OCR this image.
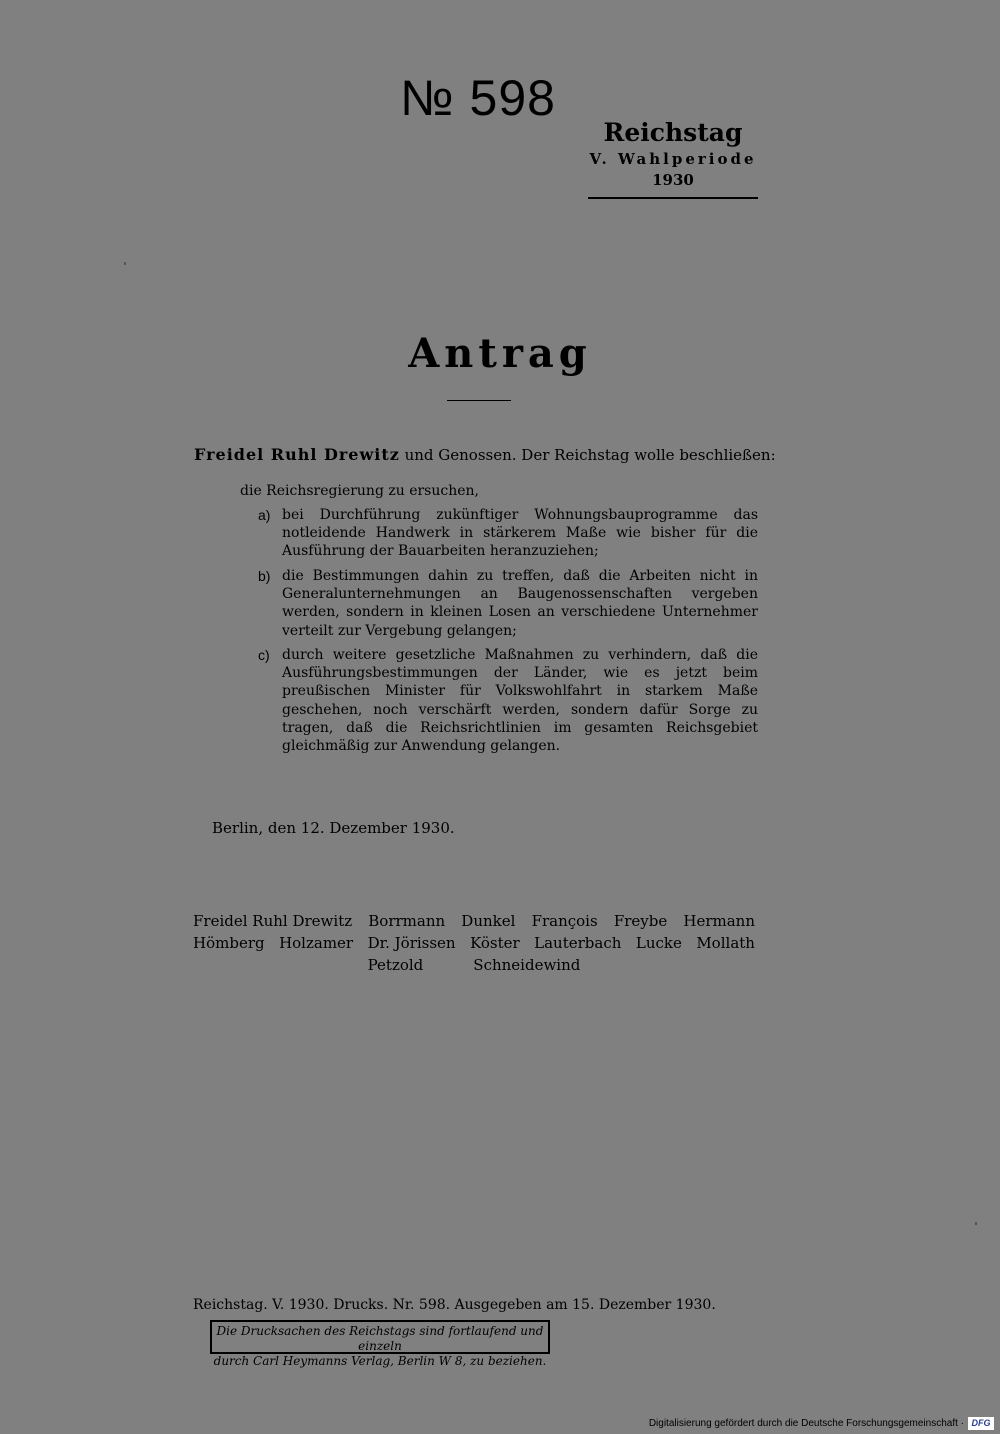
№ 598
Reichstag
V. Wahlperiode
1930
Antrag
Freidel Ruhl Drewitz und Genossen. Der Reichstag wolle beschließen:
die Reichsregierung zu ersuchen,
a) bei Durchführung zukünftiger Wohnungsbauprogramme das notleidende Handwerk in stärkerem Maße wie bisher für die Ausführung der Bauarbeiten heranzuziehen;
b) die Bestimmungen dahin zu treffen, daß die Arbeiten nicht in Generalunternehmungen an Baugenossenschaften vergeben werden, sondern in kleinen Losen an verschiedene Unternehmer verteilt zur Vergebung gelangen;
c) durch weitere gesetzliche Maßnahmen zu verhindern, daß die Ausführungsbestimmungen der Länder, wie es jetzt beim preußischen Minister für Volkswohlfahrt in starkem Maße geschehen, noch verschärft werden, sondern dafür Sorge zu tragen, daß die Reichsrichtlinien im gesamten Reichsgebiet gleichmäßig zur Anwendung gelangen.
Berlin, den 12. Dezember 1930.
Freidel Ruhl Drewitz Borrmann Dunkel François Freybe Hermann
Hömberg Holzamer Dr. Jörissen Köster Lauterbach Lucke Mollath
Petzold	Schneidewind
Reichstag. V. 1930. Drucks. Nr. 598. Ausgegeben am 15. Dezember 1930.
Die Drucksachen des Reichstags sind fortlaufend und einzeln
durch Carl Heymanns Verlag, Berlin W 8, zu beziehen.
Digitalisierung gefördert durch die Deutsche Forschungsgemeinschaft · DFG
